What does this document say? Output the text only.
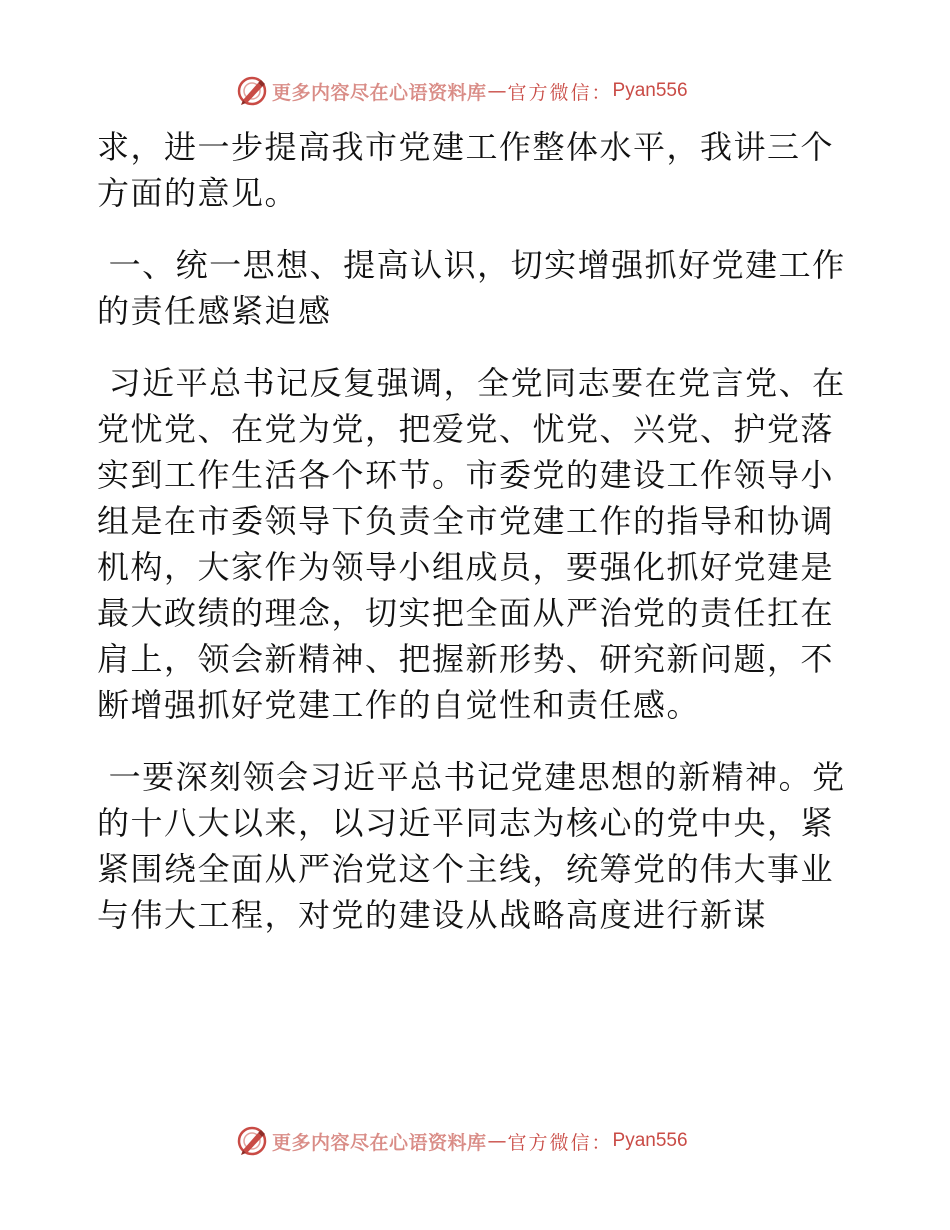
更多内容尽在心语资料库 — 官方微信： Pyan556

求，进一步提高我市党建工作整体水平，我讲三个方面的意见。

一、统一思想、提高认识，切实增强抓好党建工作的责任感紧迫感

习近平总书记反复强调，全党同志要在党言党、在党忧党、在党为党，把爱党、忧党、兴党、护党落实到工作生活各个环节。市委党的建设工作领导小组是在市委领导下负责全市党建工作的指导和协调机构，大家作为领导小组成员，要强化抓好党建是最大政绩的理念，切实把全面从严治党的责任扛在肩上，领会新精神、把握新形势、研究新问题，不断增强抓好党建工作的自觉性和责任感。

一要深刻领会习近平总书记党建思想的新精神。党的十八大以来，以习近平同志为核心的党中央，紧紧围绕全面从严治党这个主线，统筹党的伟大事业与伟大工程，对党的建设从战略高度进行新谋

更多内容尽在心语资料库 — 官方微信： Pyan556
